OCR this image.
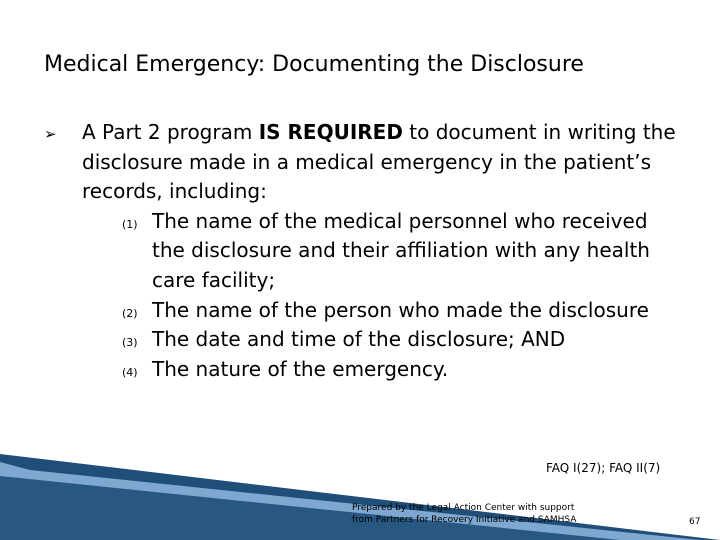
Medical Emergency: Documenting the Disclosure
➢ A Part 2 program IS REQUIRED to document in writing the disclosure made in a medical emergency in the patient’s records, including:
(1) The name of the medical personnel who received the disclosure and their affiliation with any health care facility;
(2) The name of the person who made the disclosure
(3) The date and time of the disclosure; AND
(4) The nature of the emergency.
FAQ I(27); FAQ II(7)
Prepared by the Legal Action Center with support
from Partners for Recovery Initiative and SAMHSA	67
